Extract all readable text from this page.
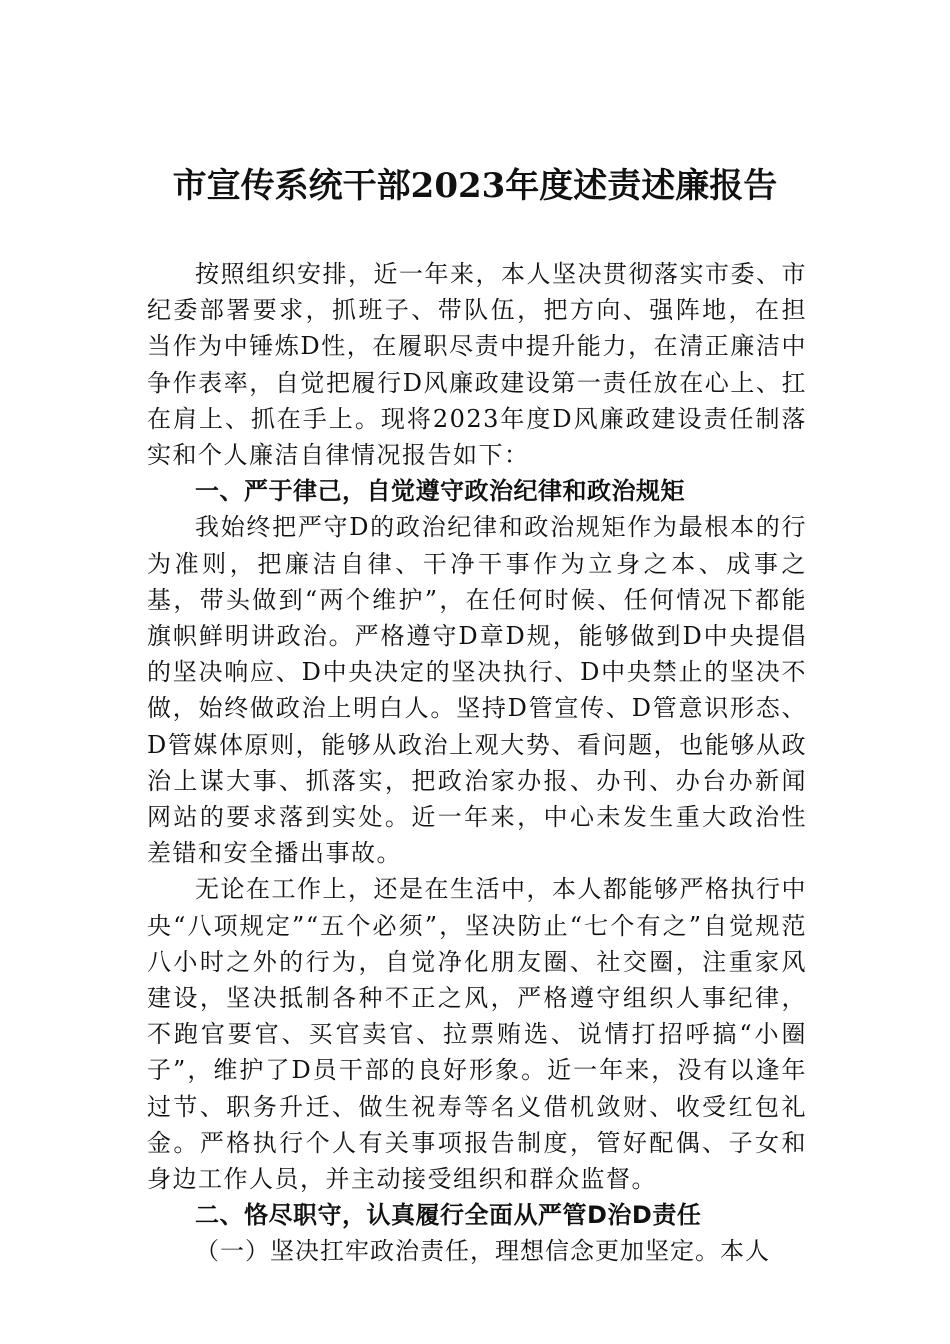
市宣传系统干部2023年度述责述廉报告

按照组织安排，近一年来，本人坚决贯彻落实市委、市纪委部署要求，抓班子、带队伍，把方向、强阵地，在担当作为中锤炼D性，在履职尽责中提升能力，在清正廉洁中争作表率，自觉把履行D风廉政建设第一责任放在心上、扛在肩上、抓在手上。现将2023年度D风廉政建设责任制落实和个人廉洁自律情况报告如下：

一、严于律己，自觉遵守政治纪律和政治规矩

我始终把严守D的政治纪律和政治规矩作为最根本的行为准则，把廉洁自律、干净干事作为立身之本、成事之基，带头做到“两个维护”，在任何时候、任何情况下都能旗帜鲜明讲政治。严格遵守D章D规，能够做到D中央提倡的坚决响应、D中央决定的坚决执行、D中央禁止的坚决不做，始终做政治上明白人。坚持D管宣传、D管意识形态、D管媒体原则，能够从政治上观大势、看问题，也能够从政治上谋大事、抓落实，把政治家办报、办刊、办台办新闻网站的要求落到实处。近一年来，中心未发生重大政治性差错和安全播出事故。

无论在工作上，还是在生活中，本人都能够严格执行中央“八项规定”“五个必须”，坚决防止“七个有之”自觉规范八小时之外的行为，自觉净化朋友圈、社交圈，注重家风建设，坚决抵制各种不正之风，严格遵守组织人事纪律，不跑官要官、买官卖官、拉票贿选、说情打招呼搞“小圈子”，维护了D员干部的良好形象。近一年来，没有以逢年过节、职务升迁、做生祝寿等名义借机敛财、收受红包礼金。严格执行个人有关事项报告制度，管好配偶、子女和身边工作人员，并主动接受组织和群众监督。

二、恪尽职守，认真履行全面从严管D治D责任

（一）坚决扛牢政治责任，理想信念更加坚定。本人
